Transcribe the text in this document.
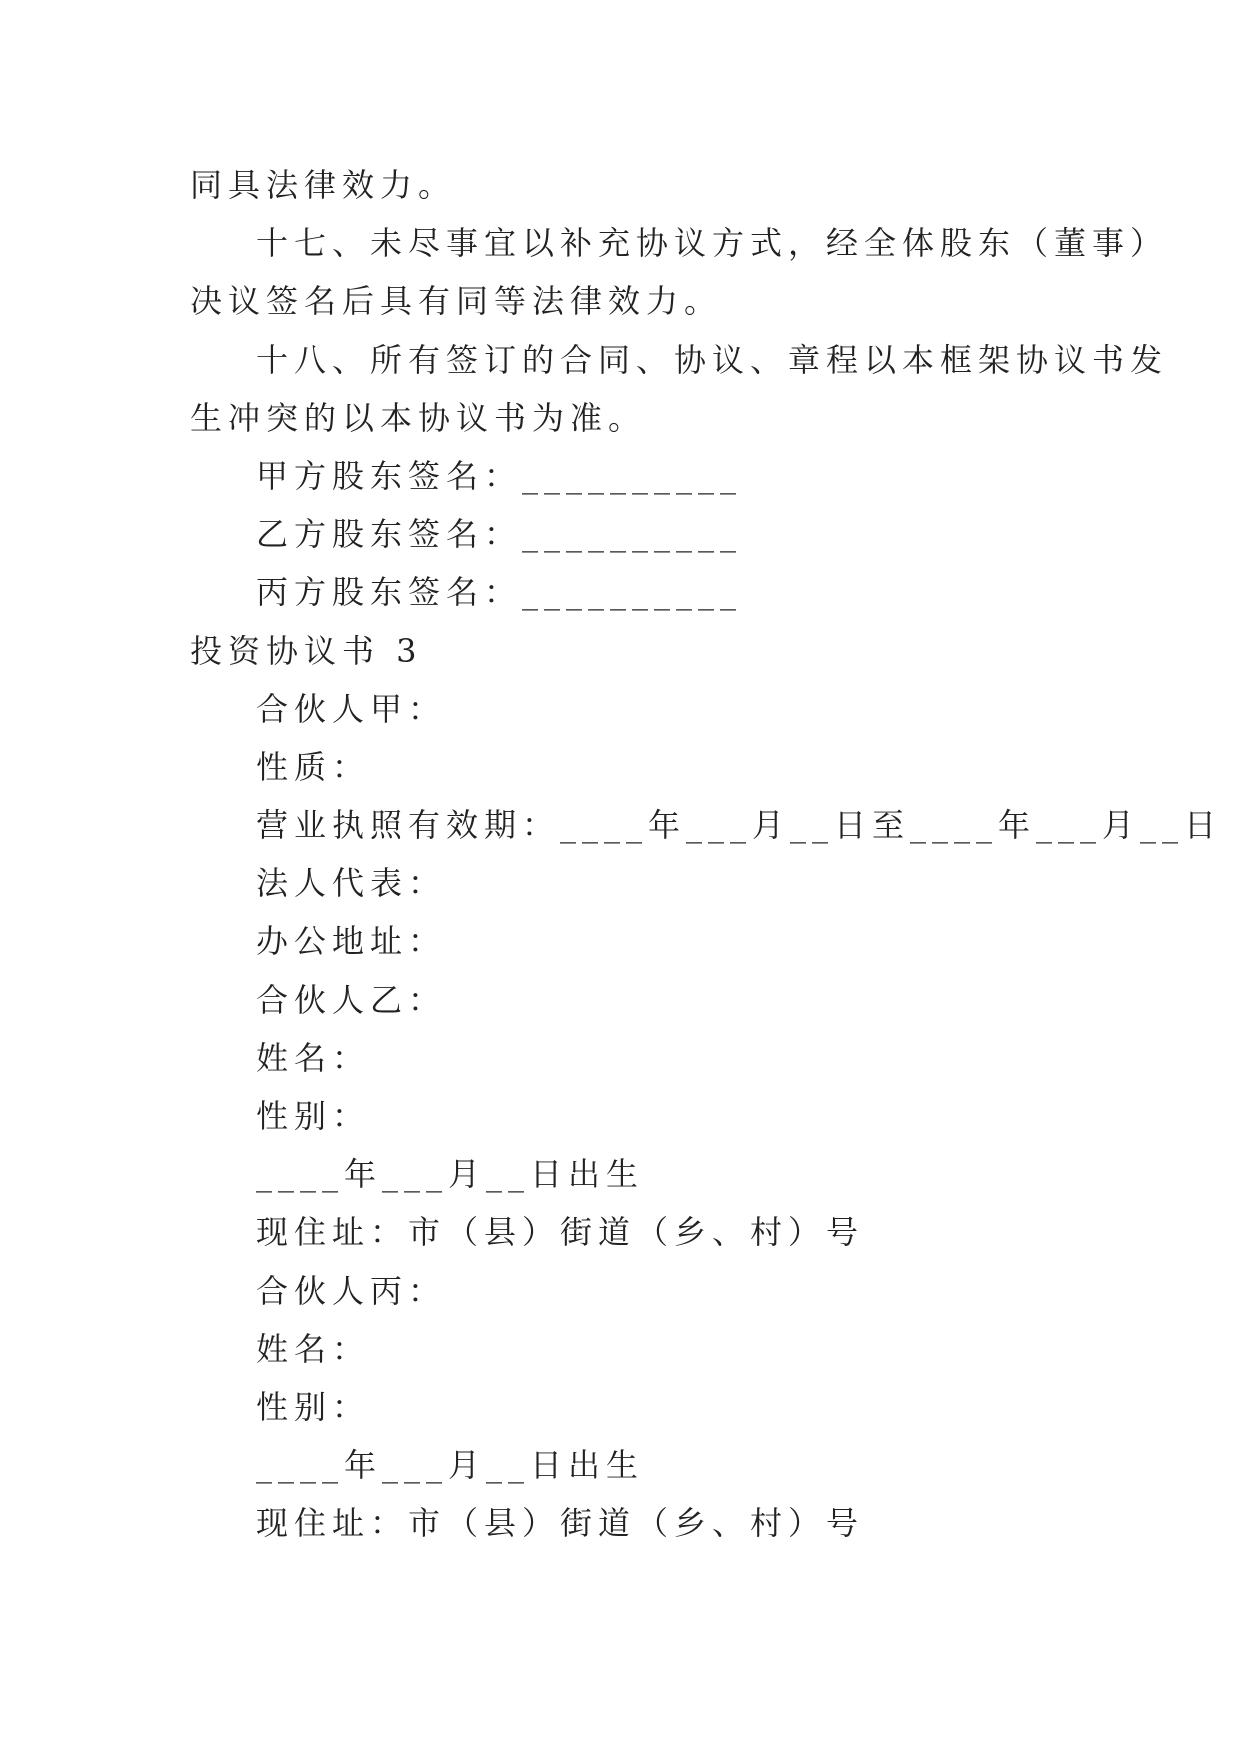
同具法律效力。
十七、未尽事宜以补充协议方式，经全体股东（董事）
决议签名后具有同等法律效力。
十八、所有签订的合同、协议、章程以本框架协议书发
生冲突的以本协议书为准。
甲方股东签名：__________
乙方股东签名：__________
丙方股东签名：__________
投资协议书 3
合伙人甲：
性质：
营业执照有效期：____年___月__日至____年___月__日
法人代表：
办公地址：
合伙人乙：
姓名：
性别：
____年___月__日出生
现住址：市（县）街道（乡、村）号
合伙人丙：
姓名：
性别：
____年___月__日出生
现住址：市（县）街道（乡、村）号
